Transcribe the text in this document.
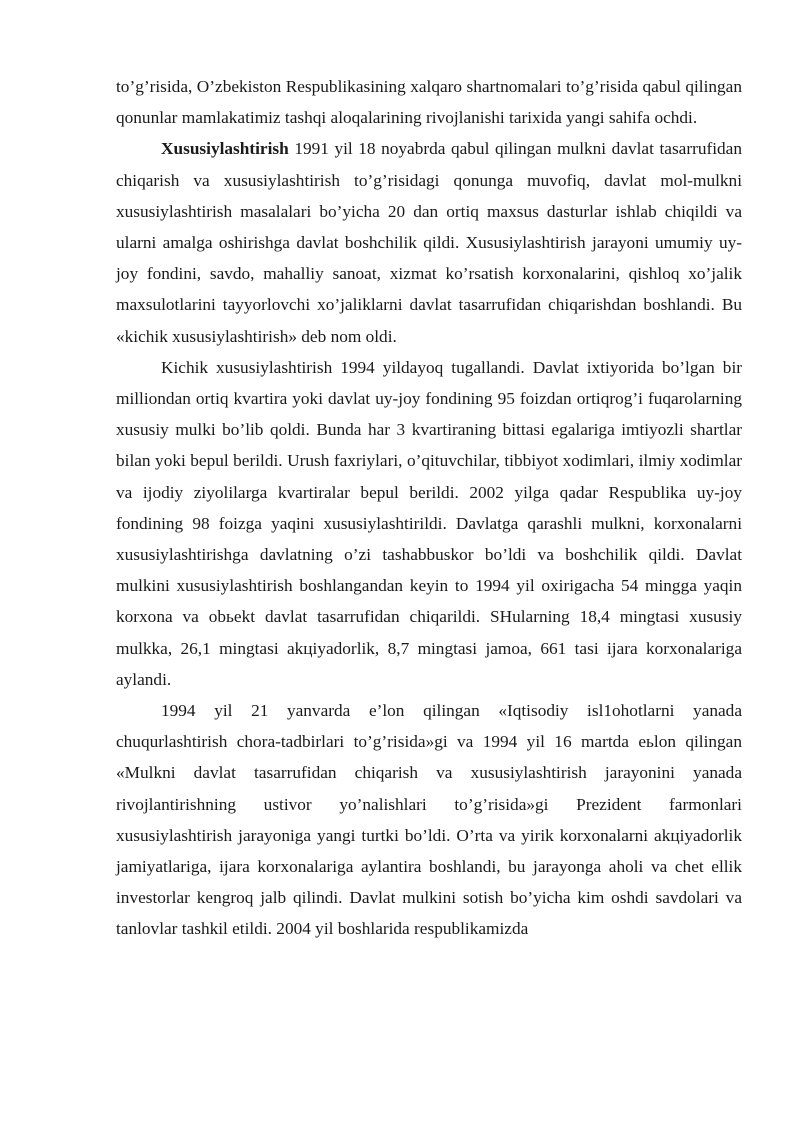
to’g’risida, O’zbekiston Respublikasining xalqaro shartnomalari to’g’risida qabul qilingan qonunlar mamlakatimiz tashqi aloqalarining rivojlanishi tarixida yangi sahifa ochdi.

Xususiylashtirish 1991 yil 18 noyabrda qabul qilingan mulkni davlat tasarrufidan chiqarish va xususiylashtirish to’g’risidagi qonunga muvofiq, davlat mol-mulkni xususiylashtirish masalalari bo’yicha 20 dan ortiq maxsus dasturlar ishlab chiqildi va ularni amalga oshirishga davlat boshchilik qildi. Xususiylashtirish jarayoni umumiy uy-joy fondini, savdo, mahalliy sanoat, xizmat ko’rsatish korxonalarini, qishloq xo’jalik maxsulotlarini tayyorlovchi xo’jaliklarni davlat tasarrufidan chiqarishdan boshlandi. Bu «kichik xususiylashtirish» deb nom oldi.

Kichik xususiylashtirish 1994 yildayoq tugallandi. Davlat ixtiyorida bo’lgan bir milliondan ortiq kvartira yoki davlat uy-joy fondining 95 foizdan ortiqrog’i fuqarolarning xususiy mulki bo’lib qoldi. Bunda har 3 kvartiraning bittasi egalariga imtiyozli shartlar bilan yoki bepul berildi. Urush faxriylari, o’qituvchilar, tibbiyot xodimlari, ilmiy xodimlar va ijodiy ziyolilarga kvartiralar bepul berildi. 2002 yilga qadar Respublika uy-joy fondining 98 foizga yaqini xususiylashtirildi. Davlatga qarashli mulkni, korxonalarni xususiylashtirishga davlatning o’zi tashabbuskor bo’ldi va boshchilik qildi. Davlat mulkini xususiylashtirish boshlangandan keyin to 1994 yil oxirigacha 54 mingga yaqin korxona va obьekt davlat tasarrufidan chiqarildi. SHularning 18,4 mingtasi xususiy mulkka, 26,1 mingtasi akцiyadorlik, 8,7 mingtasi jamoa, 661 tasi ijara korxonalariga aylandi.

1994 yil 21 yanvarda e’lon qilingan «Iqtisodiy isl1ohotlarni yanada chuqurlashtirish chora-tadbirlari to’g’risida»gi va 1994 yil 16 martda eьlon qilingan «Mulkni davlat tasarrufidan chiqarish va xususiylashtirish jarayonini yanada rivojlantirishning ustivor yo’nalishlari to’g’risida»gi Prezident farmonlari xususiylashtirish jarayoniga yangi turtki bo’ldi. O’rta va yirik korxonalarni akцiyadorlik jamiyatlariga, ijara korxonalariga aylantira boshlandi, bu jarayonga aholi va chet ellik investorlar kengroq jalb qilindi. Davlat mulkini sotish bo’yicha kim oshdi savdolari va tanlovlar tashkil etildi. 2004 yil boshlarida respublikamizda
